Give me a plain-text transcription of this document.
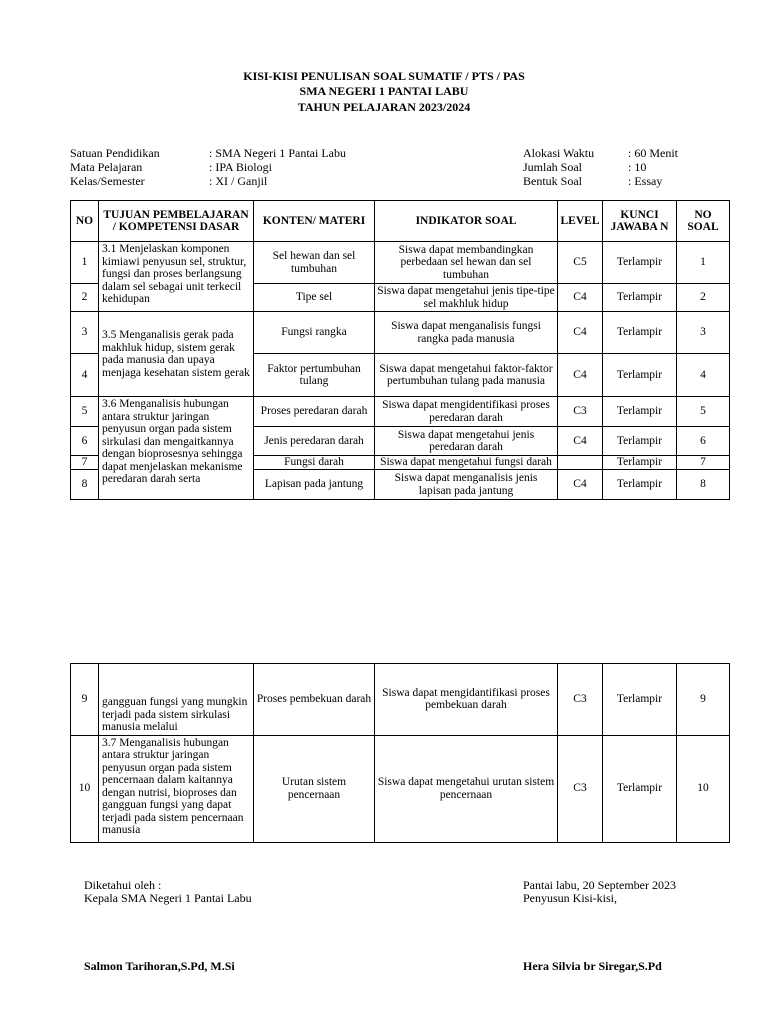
KISI-KISI PENULISAN SOAL SUMATIF / PTS / PAS
SMA NEGERI 1 PANTAI LABU
TAHUN PELAJARAN 2023/2024
Satuan Pendidikan	: SMA Negeri 1 Pantai Labu
Mata Pelajaran	: IPA Biologi
Kelas/Semester	: XI / Ganjil
Alokasi Waktu	: 60 Menit
Jumlah Soal	: 10
Bentuk Soal	: Essay
NO	TUJUAN PEMBELAJARAN / KOMPETENSI DASAR	KONTEN/ MATERI	INDIKATOR SOAL	LEVEL	KUNCI JAWABA N	NO SOAL
1	3.1 Menjelaskan komponen kimiawi penyusun sel, struktur, fungsi dan proses berlangsung dalam sel sebagai unit terkecil kehidupan	Sel hewan dan sel tumbuhan	Siswa dapat membandingkan perbedaan sel hewan dan sel tumbuhan	C5	Terlampir	1
2		Tipe sel	Siswa dapat mengetahui jenis tipe-tipe sel makhluk hidup	C4	Terlampir	2
3	3.5 Menganalisis gerak pada makhluk hidup, sistem gerak pada manusia dan upaya menjaga kesehatan sistem gerak	Fungsi rangka	Siswa dapat menganalisis fungsi rangka pada manusia	C4	Terlampir	3
4		Faktor pertumbuhan tulang	Siswa dapat mengetahui faktor-faktor pertumbuhan tulang pada manusia	C4	Terlampir	4
5	3.6 Menganalisis hubungan antara struktur jaringan penyusun organ pada sistem sirkulasi dan mengaitkannya dengan bioprosesnya sehingga dapat menjelaskan mekanisme peredaran darah serta	Proses peredaran darah	Siswa dapat mengidentifikasi proses peredaran darah	C3	Terlampir	5
6		Jenis peredaran darah	Siswa dapat mengetahui jenis peredaran darah	C4	Terlampir	6
7		Fungsi darah	Siswa dapat mengetahui fungsi darah		Terlampir	7
8		Lapisan pada jantung	Siswa dapat menganalisis jenis lapisan pada jantung	C4	Terlampir	8
9	gangguan fungsi yang mungkin terjadi pada sistem sirkulasi manusia melalui	Proses pembekuan darah	Siswa dapat mengidantifikasi proses pembekuan darah	C3	Terlampir	9
10	3.7 Menganalisis hubungan antara struktur jaringan penyusun organ pada sistem pencernaan dalam kaitannya dengan nutrisi, bioproses dan gangguan fungsi yang dapat terjadi pada sistem pencernaan manusia	Urutan sistem pencernaan	Siswa dapat mengetahui urutan sistem pencernaan	C3	Terlampir	10
Diketahui oleh :
Kepala SMA Negeri 1 Pantai Labu
Salmon Tarihoran,S.Pd, M.Si
Pantai labu, 20 September 2023
Penyusun Kisi-kisi,
Hera Silvia br Siregar,S.Pd
